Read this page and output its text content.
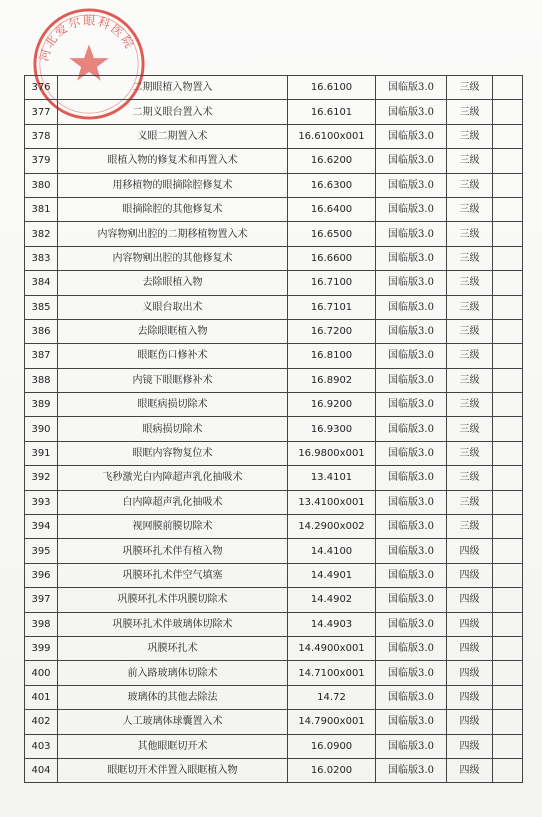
河北爱尔眼科医院
376	二期眼植入物置入	16.6100	国临版3.0	三级	
377	二期义眼台置入术	16.6101	国临版3.0	三级	
378	义眼二期置入术	16.6100x001	国临版3.0	三级	
379	眼植入物的修复术和再置入术	16.6200	国临版3.0	三级	
380	用移植物的眼摘除腔修复术	16.6300	国临版3.0	三级	
381	眼摘除腔的其他修复术	16.6400	国临版3.0	三级	
382	内容物剜出腔的二期移植物置入术	16.6500	国临版3.0	三级	
383	内容物剜出腔的其他修复术	16.6600	国临版3.0	三级	
384	去除眼植入物	16.7100	国临版3.0	三级	
385	义眼台取出术	16.7101	国临版3.0	三级	
386	去除眼眶植入物	16.7200	国临版3.0	三级	
387	眼眶伤口修补术	16.8100	国临版3.0	三级	
388	内镜下眼眶修补术	16.8902	国临版3.0	三级	
389	眼眶病损切除术	16.9200	国临版3.0	三级	
390	眼病损切除术	16.9300	国临版3.0	三级	
391	眼眶内容物复位术	16.9800x001	国临版3.0	三级	
392	飞秒激光白内障超声乳化抽吸术	13.4101	国临版3.0	三级	
393	白内障超声乳化抽吸术	13.4100x001	国临版3.0	三级	
394	视网膜前膜切除术	14.2900x002	国临版3.0	三级	
395	巩膜环扎术伴有植入物	14.4100	国临版3.0	四级	
396	巩膜环扎术伴空气填塞	14.4901	国临版3.0	四级	
397	巩膜环扎术伴巩膜切除术	14.4902	国临版3.0	四级	
398	巩膜环扎术伴玻璃体切除术	14.4903	国临版3.0	四级	
399	巩膜环扎术	14.4900x001	国临版3.0	四级	
400	前入路玻璃体切除术	14.7100x001	国临版3.0	四级	
401	玻璃体的其他去除法	14.72	国临版3.0	四级	
402	人工玻璃体球囊置入术	14.7900x001	国临版3.0	四级	
403	其他眼眶切开术	16.0900	国临版3.0	四级	
404	眼眶切开术伴置入眼眶植入物	16.0200	国临版3.0	四级	
